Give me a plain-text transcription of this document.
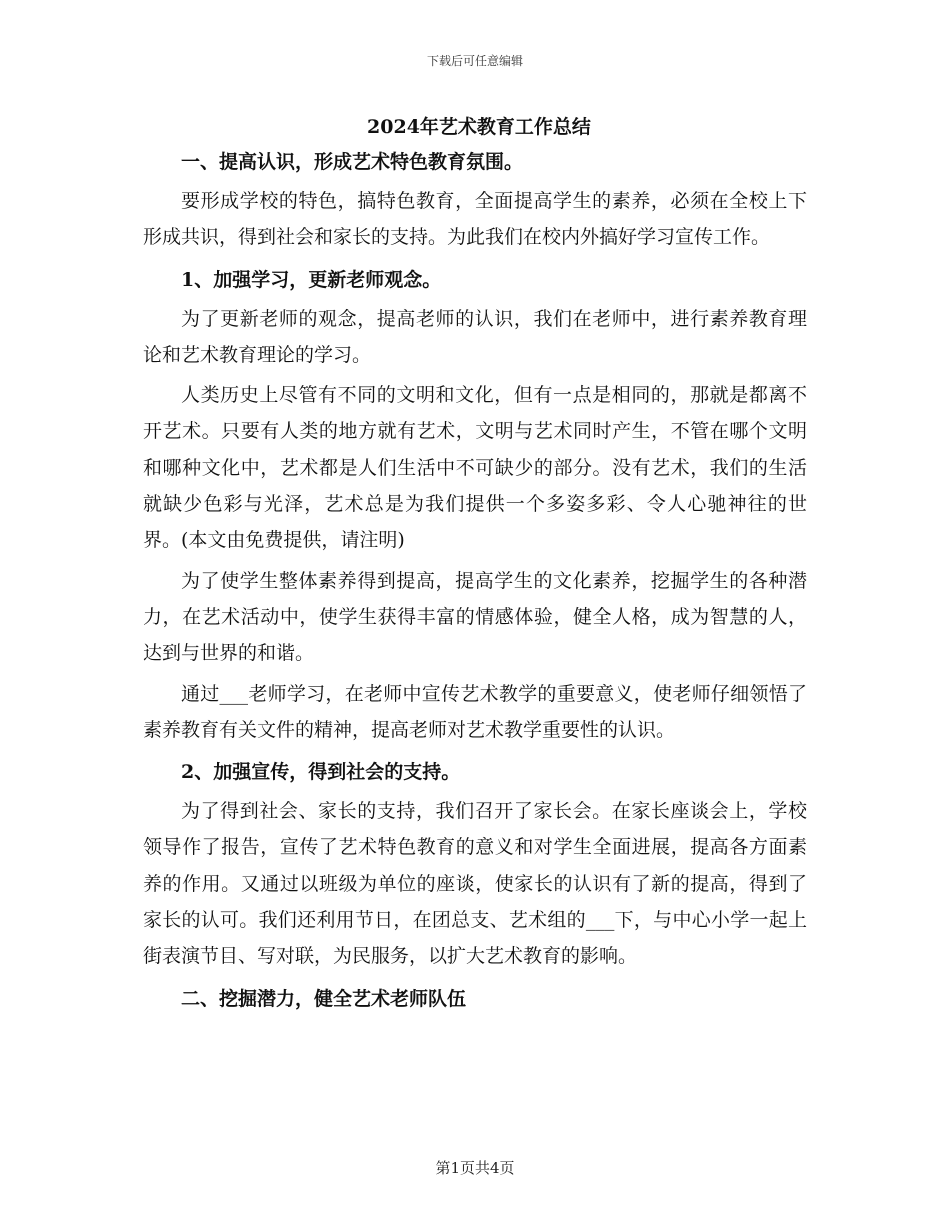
下载后可任意编辑
2024年艺术教育工作总结
一、提高认识，形成艺术特色教育氛围。

要形成学校的特色，搞特色教育，全面提高学生的素养，必须在全校上下形成共识，得到社会和家长的支持。为此我们在校内外搞好学习宣传工作。

1、加强学习，更新老师观念。

为了更新老师的观念，提高老师的认识，我们在老师中，进行素养教育理论和艺术教育理论的学习。

人类历史上尽管有不同的文明和文化，但有一点是相同的，那就是都离不开艺术。只要有人类的地方就有艺术，文明与艺术同时产生，不管在哪个文明和哪种文化中，艺术都是人们生活中不可缺少的部分。没有艺术，我们的生活就缺少色彩与光泽，艺术总是为我们提供一个多姿多彩、令人心驰神往的世界。(本文由免费提供，请注明)

为了使学生整体素养得到提高，提高学生的文化素养，挖掘学生的各种潜力，在艺术活动中，使学生获得丰富的情感体验，健全人格，成为智慧的人，达到与世界的和谐。

通过___老师学习，在老师中宣传艺术教学的重要意义，使老师仔细领悟了素养教育有关文件的精神，提高老师对艺术教学重要性的认识。

2、加强宣传，得到社会的支持。

为了得到社会、家长的支持，我们召开了家长会。在家长座谈会上，学校领导作了报告，宣传了艺术特色教育的意义和对学生全面进展，提高各方面素养的作用。又通过以班级为单位的座谈，使家长的认识有了新的提高，得到了家长的认可。我们还利用节日，在团总支、艺术组的___下，与中心小学一起上街表演节目、写对联，为民服务，以扩大艺术教育的影响。

二、挖掘潜力，健全艺术老师队伍
第1页共4页
